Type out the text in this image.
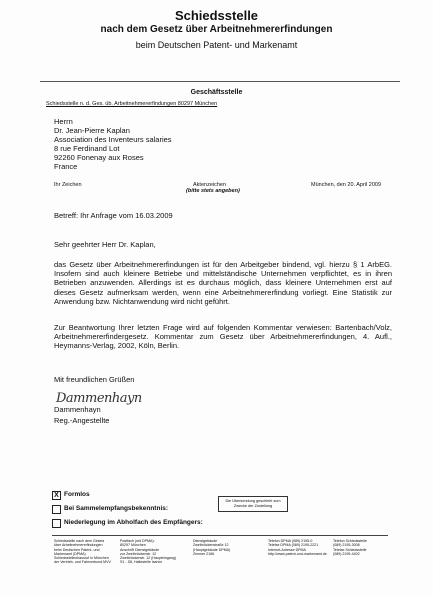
Schiedsstelle
nach dem Gesetz über Arbeitnehmererfindungen
beim Deutschen Patent- und Markenamt
Geschäftsstelle
Schiedsstelle n. d. Ges. üb. Arbeitnehmererfindungen 80297 München
Herrn
Dr. Jean-Pierre Kaplan
Association des Inventeurs salaries
8 rue Ferdinand Lot
92260 Fonenay aux Roses
France
Ihr Zeichen	Aktenzeichen
(bitte stets angeben)
München, den 20. April 2009
Betreff: Ihr Anfrage vom 16.03.2009
Sehr geehrter Herr Dr. Kaplan,
das Gesetz über Arbeitnehmererfindungen ist für den Arbeitgeber bindend, vgl. hierzu § 1 ArbEG. Insofern sind auch kleinere Betriebe und mittelständische Unternehmen verpflichtet, es in ihren Betrieben anzuwenden. Allerdings ist es durchaus möglich, dass kleinere Unternehmen erst auf dieses Gesetz aufmerksam werden, wenn eine Arbeitnehmererfindung vorliegt. Eine Statistik zur Anwendung bzw. Nichtanwendung wird nicht geführt.
Zur Beantwortung Ihrer letzten Frage wird auf folgenden Kommentar verwiesen: Bartenbach/Volz, Arbeitnehmererfindergesetz. Kommentar zum Gesetz über Arbeitnehmererfindungen, 4. Aufl., Heymanns-Verlag, 2002, Köln, Berlin.
Mit freundlichen Grüßen
Dammenhayn
Dammenhayn
Reg.-Angestellte
X Formlos
Bei Sammelempfangsbekenntnis:
Niederlegung im Abholfach des Empfängers:
Die Übersendung geschieht zum Zwecke der Zustellung
Schiedsstelle nach dem Gesetz
über Arbeitnehmererfindungen
beim Deutschen Patent- und
Markenamt (DPMA)
Schiedsstellenhausruf in München
der Vertrieb- und Fahrverbund MVV
Postfach (mit DPMA):
80297 München
Anschrift Dienstgebäude
zur Zweibrückenstr. 12
Zweibrückenstr. 12 (Haupteingang)
S1 - S8, Haltestelle Isartor
Dienstgebäude
Zweibrückenstraße 12 (Hauptgebäude DPMA)
Zimmer 2166
Telefon DPMA (089) 2195-0
Telefax DPMA (089) 2195-2221
Internet-Adresse DPMA
http://www.patent-und-markenamt.de
Telefon Schiedsstelle
(089) 2195-3008
Telefax Schiedsstelle
(089) 2195-4402
